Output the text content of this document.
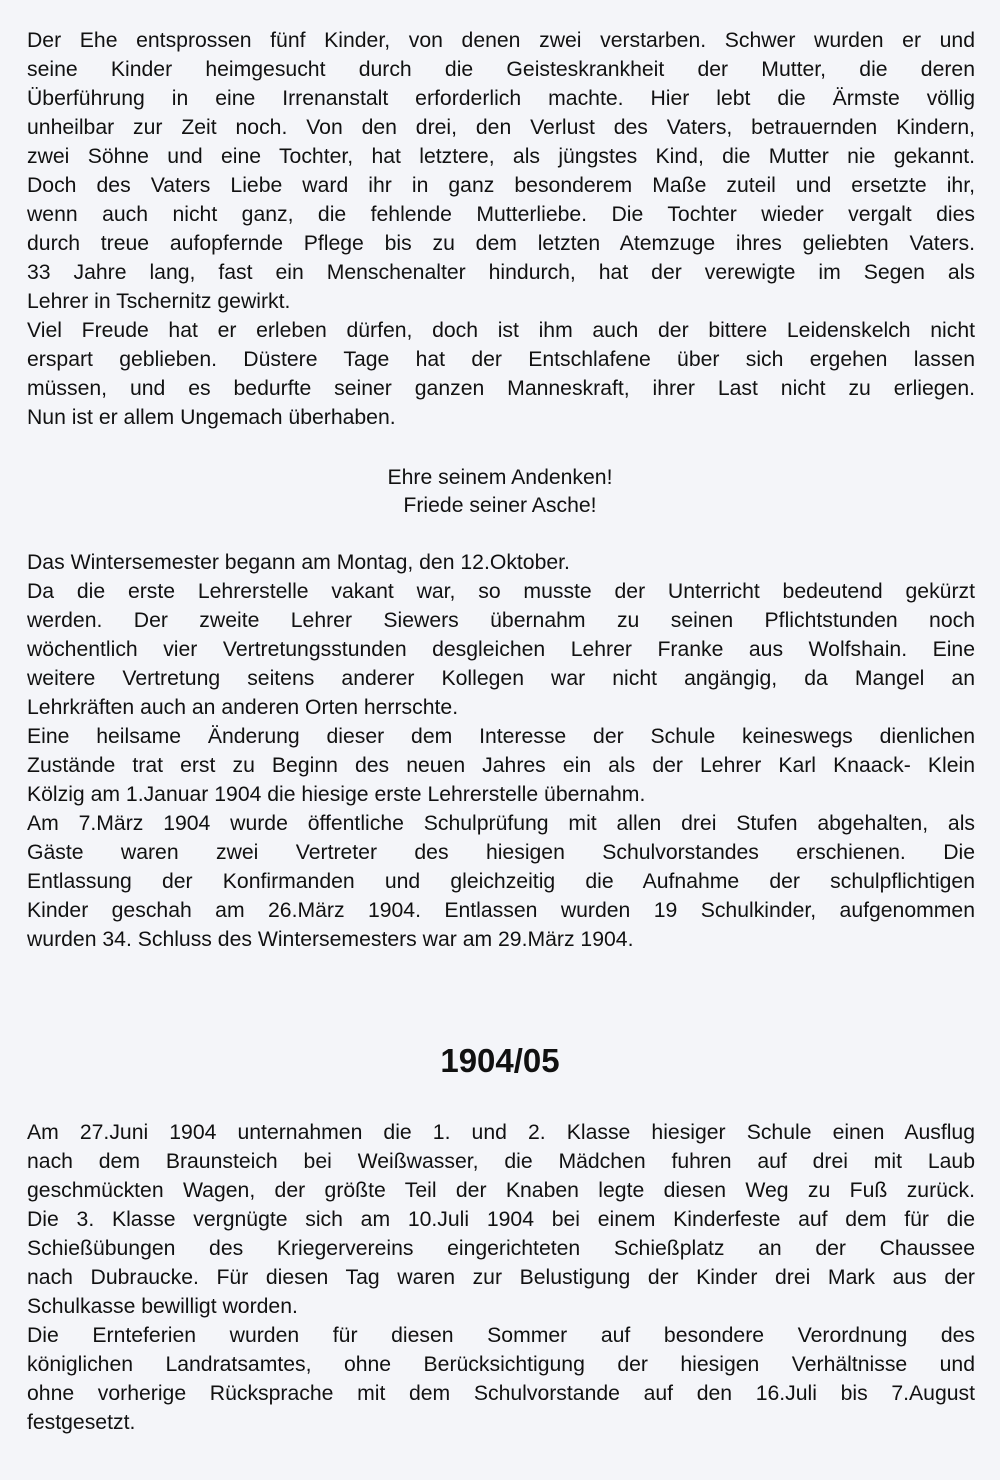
Der Ehe entsprossen fünf Kinder, von denen zwei verstarben. Schwer wurden er und
seine Kinder heimgesucht durch die Geisteskrankheit der Mutter, die deren
Überführung in eine Irrenanstalt erforderlich machte. Hier lebt die Ärmste völlig
unheilbar zur Zeit noch. Von den drei, den Verlust des Vaters, betrauernden Kindern,
zwei Söhne und eine Tochter, hat letztere, als jüngstes Kind, die Mutter nie gekannt.
Doch des Vaters Liebe ward ihr in ganz besonderem Maße zuteil und ersetzte ihr,
wenn auch nicht ganz, die fehlende Mutterliebe. Die Tochter wieder vergalt dies
durch treue aufopfernde Pflege bis zu dem letzten Atemzuge ihres geliebten Vaters.
33 Jahre lang, fast ein Menschenalter hindurch, hat der verewigte im Segen als
Lehrer in Tschernitz gewirkt.
Viel Freude hat er erleben dürfen, doch ist ihm auch der bittere Leidenskelch nicht
erspart geblieben. Düstere Tage hat der Entschlafene über sich ergehen lassen
müssen, und es bedurfte seiner ganzen Manneskraft, ihrer Last nicht zu erliegen.
Nun ist er allem Ungemach überhaben.
Ehre seinem Andenken!
Friede seiner Asche!
Das Wintersemester begann am Montag, den 12.Oktober.
Da die erste Lehrerstelle vakant war, so musste der Unterricht bedeutend gekürzt
werden. Der zweite Lehrer Siewers übernahm zu seinen Pflichtstunden noch
wöchentlich vier Vertretungsstunden desgleichen Lehrer Franke aus Wolfshain. Eine
weitere Vertretung seitens anderer Kollegen war nicht angängig, da Mangel an
Lehrkräften auch an anderen Orten herrschte.
Eine heilsame Änderung dieser dem Interesse der Schule keineswegs dienlichen
Zustände trat erst zu Beginn des neuen Jahres ein als der Lehrer Karl Knaack- Klein
Kölzig am 1.Januar 1904 die hiesige erste Lehrerstelle übernahm.
Am 7.März 1904 wurde öffentliche Schulprüfung mit allen drei Stufen abgehalten, als
Gäste waren zwei Vertreter des hiesigen Schulvorstandes erschienen. Die
Entlassung der Konfirmanden und gleichzeitig die Aufnahme der schulpflichtigen
Kinder geschah am 26.März 1904. Entlassen wurden 19 Schulkinder, aufgenommen
wurden 34. Schluss des Wintersemesters war am 29.März 1904.
1904/05
Am 27.Juni 1904 unternahmen die 1. und 2. Klasse hiesiger Schule einen Ausflug
nach dem Braunsteich bei Weißwasser, die Mädchen fuhren auf drei mit Laub
geschmückten Wagen, der größte Teil der Knaben legte diesen Weg zu Fuß zurück.
Die 3. Klasse vergnügte sich am 10.Juli 1904 bei einem Kinderfeste auf dem für die
Schießübungen des Kriegervereins eingerichteten Schießplatz an der Chaussee
nach Dubraucke. Für diesen Tag waren zur Belustigung der Kinder drei Mark aus der
Schulkasse bewilligt worden.
Die Ernteferien wurden für diesen Sommer auf besondere Verordnung des
königlichen Landratsamtes, ohne Berücksichtigung der hiesigen Verhältnisse und
ohne vorherige Rücksprache mit dem Schulvorstande auf den 16.Juli bis 7.August
festgesetzt.
